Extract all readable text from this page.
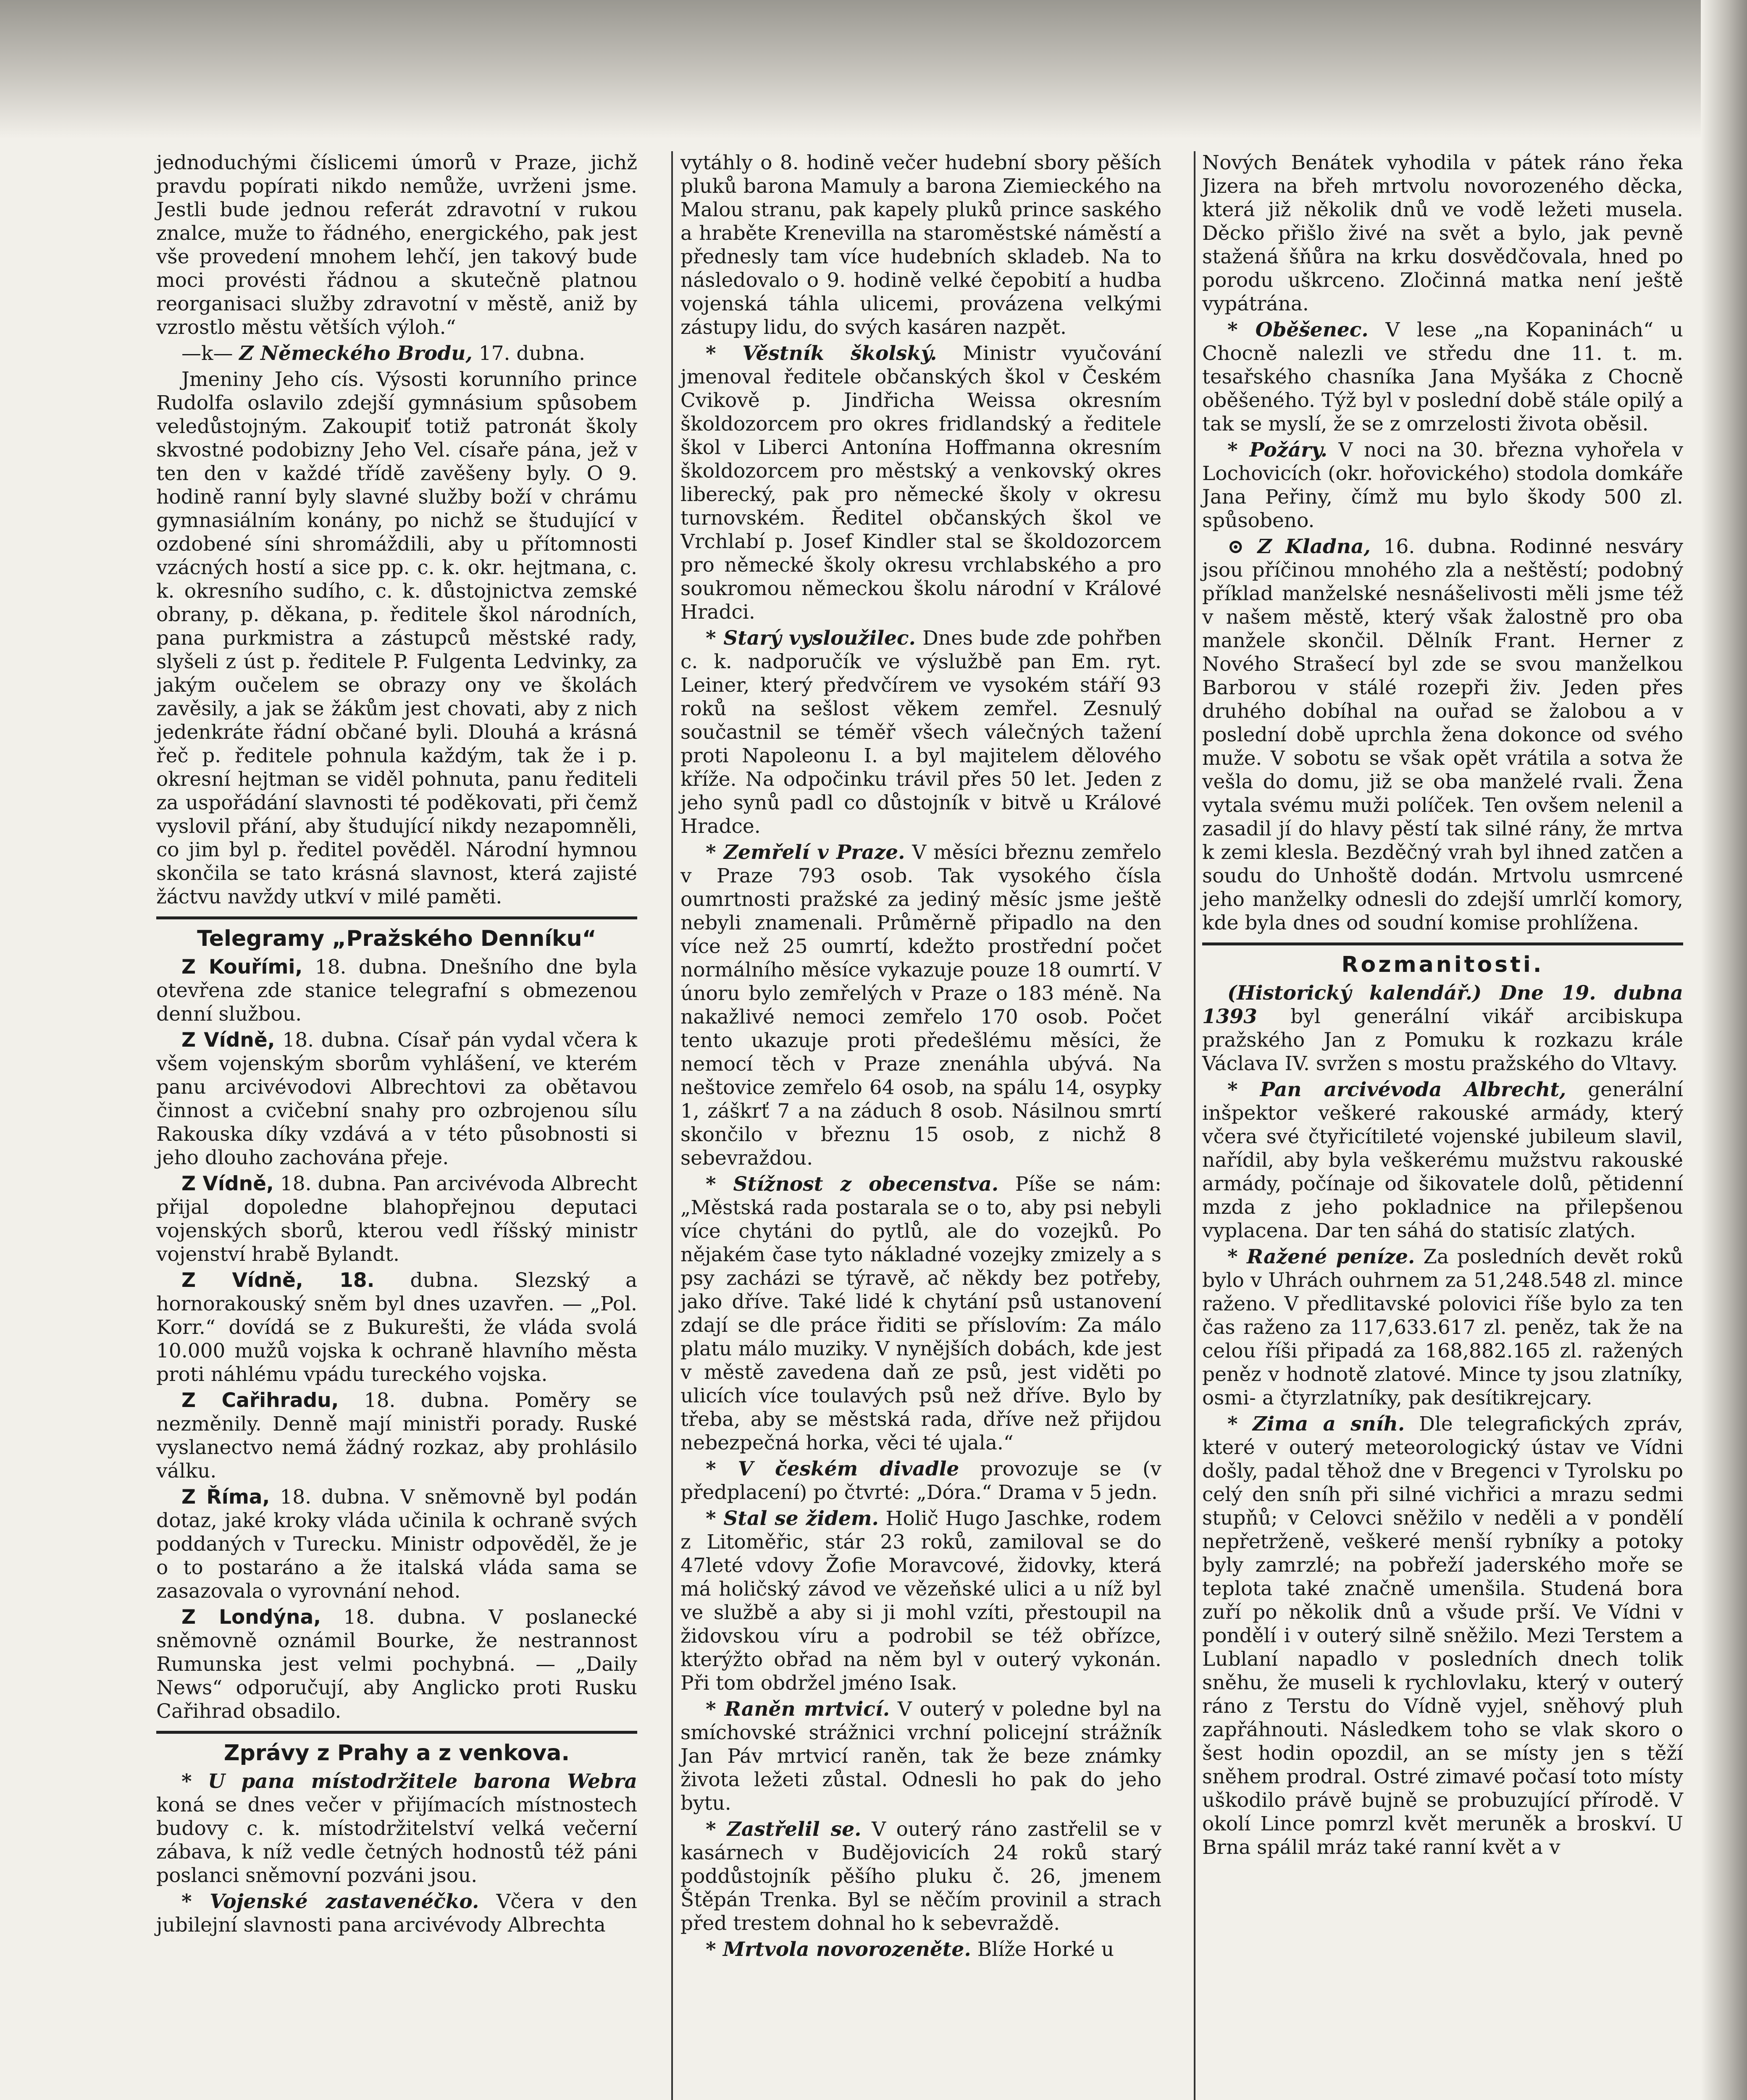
jednoduchými číslicemi úmorů v Praze, jichž pravdu popírati nikdo nemůže, uvrženi jsme. Jestli bude jednou referát zdravotní v rukou znalce, muže to řádného, energického, pak jest vše provedení mnohem lehčí, jen takový bude moci provésti řádnou a skutečně platnou reorganisaci služby zdravotní v městě, aniž by vzrostlo městu větších výloh.“

—k— Z Německého Brodu, 17. dubna.

Jmeniny Jeho cís. Výsosti korunního prince Rudolfa oslavilo zdejší gymnásium spůsobem veledůstojným. Zakoupiť totiž patronát školy skvostné podobizny Jeho Vel. císaře pána, jež v ten den v každé třídě zavěšeny byly. O 9. hodině ranní byly slavné služby boží v chrámu gymnasiálním konány, po nichž se študující v ozdobené síni shromáždili, aby u přítomnosti vzácných hostí a sice pp. c. k. okr. hejtmana, c. k. okresního sudího, c. k. důstojnictva zemské obrany, p. děkana, p. ředitele škol národních, pana purkmistra a zástupců městské rady, slyšeli z úst p. ředitele P. Fulgenta Ledvinky, za jakým oučelem se obrazy ony ve školách zavěsily, a jak se žákům jest chovati, aby z nich jedenkráte řádní občané byli. Dlouhá a krásná řeč p. ředitele pohnula každým, tak že i p. okresní hejtman se viděl pohnuta, panu řediteli za uspořádání slavnosti té poděkovati, při čemž vyslovil přání, aby študující nikdy nezapomněli, co jim byl p. ředitel pověděl. Národní hymnou skončila se tato krásná slavnost, která zajisté žáctvu navždy utkví v milé paměti.

Telegramy „Pražského Denníku“

Z Kouřími, 18. dubna. Dnešního dne byla otevřena zde stanice telegrafní s obmezenou denní službou.

Z Vídně, 18. dubna. Císař pán vydal včera k všem vojenským sborům vyhlášení, ve kterém panu arcivévodovi Albrechtovi za obětavou činnost a cvičební snahy pro ozbrojenou sílu Rakouska díky vzdává a v této působnosti si jeho dlouho zachována přeje.

Z Vídně, 18. dubna. Pan arcivévoda Albrecht přijal dopoledne blahopřejnou deputaci vojenských sborů, kterou vedl říšský ministr vojenství hrabě Bylandt.

Z Vídně, 18. dubna. Slezský a hornorakouský sněm byl dnes uzavřen. — „Pol. Korr.“ dovídá se z Bukurešti, že vláda svolá 10.000 mužů vojska k ochraně hlavního města proti náhlému vpádu tureckého vojska.

Z Cařihradu, 18. dubna. Poměry se nezměnily. Denně mají ministři porady. Ruské vyslanectvo nemá žádný rozkaz, aby prohlásilo válku.

Z Říma, 18. dubna. V sněmovně byl podán dotaz, jaké kroky vláda učinila k ochraně svých poddaných v Turecku. Ministr odpověděl, že je o to postaráno a že italská vláda sama se zasazovala o vyrovnání nehod.

Z Londýna, 18. dubna. V poslanecké sněmovně oznámil Bourke, že nestrannost Rumunska jest velmi pochybná. — „Daily News“ odporučují, aby Anglicko proti Rusku Cařihrad obsadilo.

Zprávy z Prahy a z venkova.

* U pana místodržitele barona Webra koná se dnes večer v přijímacích místnostech budovy c. k. místodržitelství velká večerní zábava, k níž vedle četných hodnostů též páni poslanci sněmovní pozváni jsou.

* Vojenské zastavenéčko. Včera v den jubilejní slavnosti pana arcivévody Albrechta

vytáhly o 8. hodině večer hudební sbory pěších pluků barona Mamuly a barona Ziemieckého na Malou stranu, pak kapely pluků prince saského a hraběte Krenevilla na staroměstské náměstí a přednesly tam více hudebních skladeb. Na to následovalo o 9. hodině velké čepobití a hudba vojenská táhla ulicemi, provázena velkými zástupy lidu, do svých kasáren nazpět.

* Věstník školský. Ministr vyučování jmenoval ředitele občanských škol v Českém Cvikově p. Jindřicha Weissa okresním školdozorcem pro okres fridlandský a ředitele škol v Liberci Antonína Hoffmanna okresním školdozorcem pro městský a venkovský okres liberecký, pak pro německé školy v okresu turnovském. Ředitel občanských škol ve Vrchlabí p. Josef Kindler stal se školdozorcem pro německé školy okresu vrchlabského a pro soukromou německou školu národní v Králové Hradci.

* Starý vysloužilec. Dnes bude zde pohřben c. k. nadporučík ve výslužbě pan Em. ryt. Leiner, který předvčírem ve vysokém stáří 93 roků na sešlost věkem zemřel. Zesnulý součastnil se téměř všech válečných tažení proti Napoleonu I. a byl majitelem dělového kříže. Na odpočinku trávil přes 50 let. Jeden z jeho synů padl co důstojník v bitvě u Králové Hradce.

* Zemřelí v Praze. V měsíci březnu zemřelo v Praze 793 osob. Tak vysokého čísla oumrtnosti pražské za jediný měsíc jsme ještě nebyli znamenali. Průměrně připadlo na den více než 25 oumrtí, kdežto prostřední počet normálního měsíce vykazuje pouze 18 oumrtí. V únoru bylo zemřelých v Praze o 183 méně. Na nakažlivé nemoci zemřelo 170 osob. Počet tento ukazuje proti předešlému měsíci, že nemocí těch v Praze znenáhla ubývá. Na neštovice zemřelo 64 osob, na spálu 14, osypky 1, záškrť 7 a na záduch 8 osob. Násilnou smrtí skončilo v březnu 15 osob, z nichž 8 sebevraždou.

* Stížnost z obecenstva. Píše se nám: „Městská rada postarala se o to, aby psi nebyli více chytáni do pytlů, ale do vozejků. Po nějakém čase tyto nákladné vozejky zmizely a s psy zacházi se týravě, ač někdy bez potřeby, jako dříve. Také lidé k chytání psů ustanovení zdají se dle práce řiditi se příslovím: Za málo platu málo muziky. V nynějších dobách, kde jest v městě zavedena daň ze psů, jest viděti po ulicích více toulavých psů než dříve. Bylo by třeba, aby se městská rada, dříve než přijdou nebezpečná horka, věci té ujala.“

* V českém divadle provozuje se (v předplacení) po čtvrté: „Dóra.“ Drama v 5 jedn.

* Stal se židem. Holič Hugo Jaschke, rodem z Litoměřic, stár 23 roků, zamiloval se do 47leté vdovy Žofie Moravcové, židovky, která má holičský závod ve vězeňské ulici a u níž byl ve službě a aby si ji mohl vzíti, přestoupil na židovskou víru a podrobil se též obřízce, kterýžto obřad na něm byl v outerý vykonán. Při tom obdržel jméno Isak.

* Raněn mrtvicí. V outerý v poledne byl na smíchovské strážnici vrchní policejní strážník Jan Páv mrtvicí raněn, tak že beze známky života ležeti zůstal. Odnesli ho pak do jeho bytu.

* Zastřelil se. V outerý ráno zastřelil se v kasárnech v Budějovicích 24 roků starý poddůstojník pěšího pluku č. 26, jmenem Štěpán Trenka. Byl se něčím provinil a strach před trestem dohnal ho k sebevraždě.

* Mrtvola novorozeněte. Blíže Horké u

Nových Benátek vyhodila v pátek ráno řeka Jizera na břeh mrtvolu novorozeného děcka, která již několik dnů ve vodě ležeti musela. Děcko přišlo živé na svět a bylo, jak pevně stažená šňůra na krku dosvědčovala, hned po porodu uškrceno. Zločinná matka není ještě vypátrána.

* Oběšenec. V lese „na Kopaninách“ u Chocně nalezli ve středu dne 11. t. m. tesařského chasníka Jana Myšáka z Chocně oběšeného. Týž byl v poslední době stále opilý a tak se myslí, že se z omrzelosti života oběsil.

* Požáry. V noci na 30. března vyhořela v Lochovicích (okr. hořovického) stodola domkáře Jana Peřiny, čímž mu bylo škody 500 zl. spůsobeno.

⊙ Z Kladna, 16. dubna. Rodinné nesváry jsou příčinou mnohého zla a neštěstí; podobný příklad manželské nesnášelivosti měli jsme též v našem městě, který však žalostně pro oba manžele skončil. Dělník Frant. Herner z Nového Strašecí byl zde se svou manželkou Barborou v stálé rozepři živ. Jeden přes druhého dobíhal na ouřad se žalobou a v poslední době uprchla žena dokonce od svého muže. V sobotu se však opět vrátila a sotva že vešla do domu, již se oba manželé rvali. Žena vytala svému muži políček. Ten ovšem nelenil a zasadil jí do hlavy pěstí tak silné rány, že mrtva k zemi klesla. Bezděčný vrah byl ihned zatčen a soudu do Unhoště dodán. Mrtvolu usmrcené jeho manželky odnesli do zdejší umrlčí komory, kde byla dnes od soudní komise prohlížena.

Rozmanitosti.

(Historický kalendář.) Dne 19. dubna 1393 byl generální vikář arcibiskupa pražského Jan z Pomuku k rozkazu krále Václava IV. svržen s mostu pražského do Vltavy.

* Pan arcivévoda Albrecht, generální inšpektor veškeré rakouské armády, který včera své čtyřicítileté vojenské jubileum slavil, nařídil, aby byla veškerému mužstvu rakouské armády, počínaje od šikovatele dolů, pětidenní mzda z jeho pokladnice na přilepšenou vyplacena. Dar ten sáhá do statisíc zlatých.

* Ražené peníze. Za posledních devět roků bylo v Uhrách ouhrnem za 51,248.548 zl. mince raženo. V předlitavské polovici říše bylo za ten čas raženo za 117,633.617 zl. peněz, tak že na celou říši připadá za 168,882.165 zl. ražených peněz v hodnotě zlatové. Mince ty jsou zlatníky, osmi- a čtyrzlatníky, pak desítikrejcary.

* Zima a sníh. Dle telegrafických zpráv, které v outerý meteorologický ústav ve Vídni došly, padal těhož dne v Bregenci v Tyrolsku po celý den sníh při silné vichřici a mrazu sedmi stupňů; v Celovci sněžilo v neděli a v pondělí nepřetrženě, veškeré menší rybníky a potoky byly zamrzlé; na pobřeží jaderského moře se teplota také značně umenšila. Studená bora zuří po několik dnů a všude prší. Ve Vídni v pondělí i v outerý silně sněžilo. Mezi Terstem a Lublaní napadlo v posledních dnech tolik sněhu, že museli k rychlovlaku, který v outerý ráno z Terstu do Vídně vyjel, sněhový pluh zapřáhnouti. Následkem toho se vlak skoro o šest hodin opozdil, an se místy jen s těží sněhem prodral. Ostré zimavé počasí toto místy uškodilo právě bujně se probuzující přírodě. V okolí Lince pomrzl květ meruněk a broskví. U Brna spálil mráz také ranní květ a v
